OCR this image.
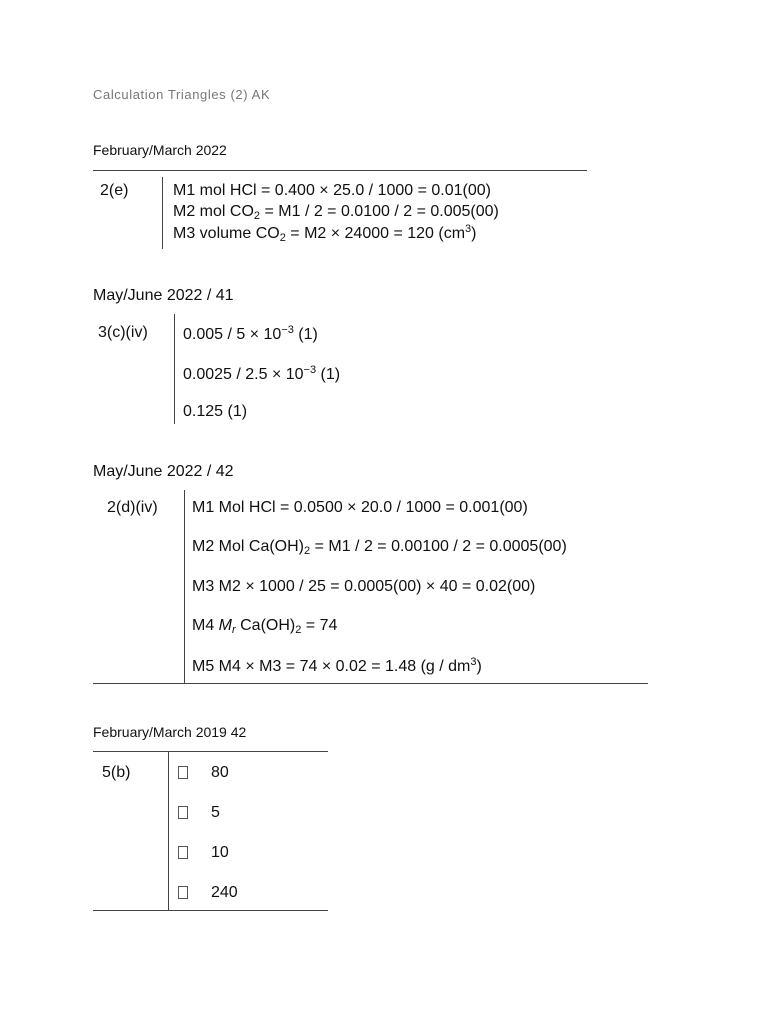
Calculation Triangles (2) AK
February/March 2022
2(e)	M1 mol HCl = 0.400 × 25.0 / 1000 = 0.01(00)
M2 mol $CO_2 = M1 / 2 = 0.0100 / 2 = 0.005(00)$
M3 volume $CO_2 = M2 \times 24000 = 120$ $(cm^3)$
May/June 2022 / 41
3(c)(iv) $0.005 / 5 \times 10^{-3}$ (1)
$0.0025 / 2.5 \times 10^{-3}$ (1)
0.125 (1)
May/June 2022 / 42
2(d)(iv) M1 Mol HCl = 0.0500 × 20.0 / 1000 = 0.001(00)
M2 Mol $Ca(OH)_2 = M1 / 2 = 0.00100 / 2 = 0.0005(00)$
M3 M2 × 1000 / 25 = 0.0005(00) × 40 = 0.02(00)
M4 $M_r$ $Ca(OH)_2 = 74$
M5 M4 × M3 = 74 × 0.02 = 1.48 $(g / dm^3)$
February/March 2019 42
5(b)	80
5
10
240
